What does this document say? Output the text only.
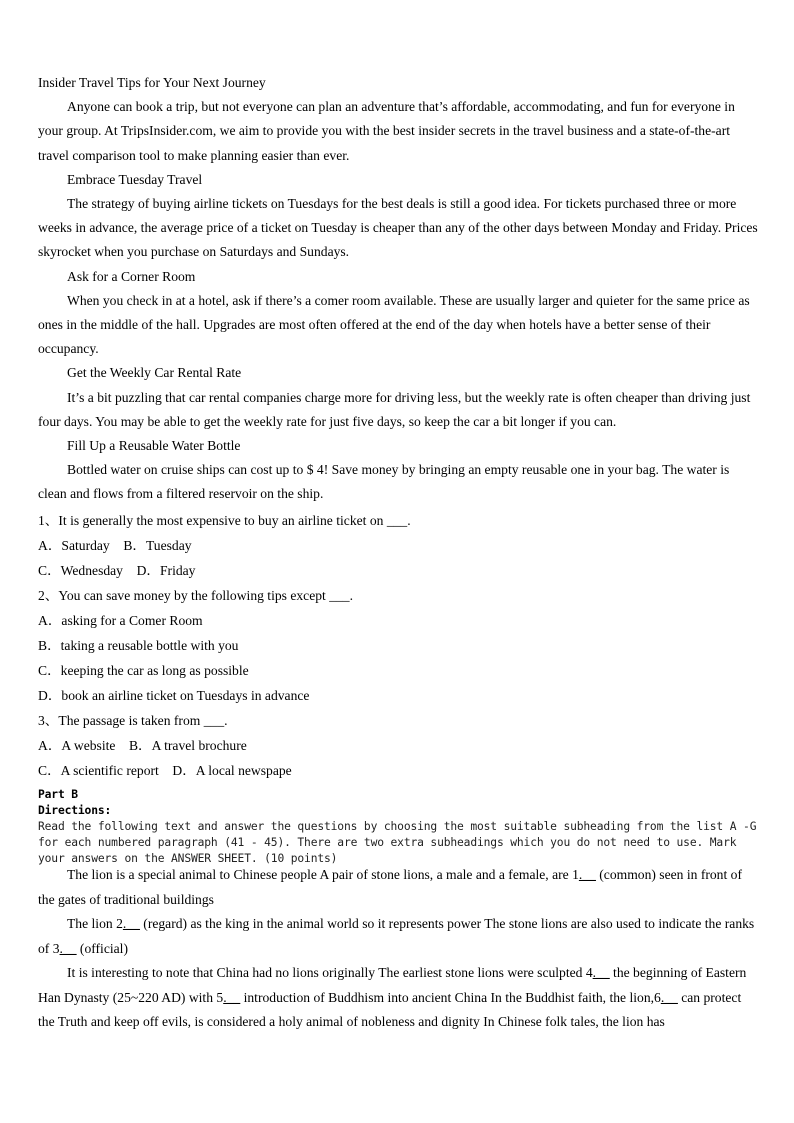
Insider Travel Tips for Your Next Journey
Anyone can book a trip, but not everyone can plan an adventure that’s affordable, accommodating, and fun for everyone in your group. At TripsInsider.com, we aim to provide you with the best insider secrets in the travel business and a state-of-the-art travel comparison tool to make planning easier than ever.
Embrace Tuesday Travel
The strategy of buying airline tickets on Tuesdays for the best deals is still a good idea. For tickets purchased three or more weeks in advance, the average price of a ticket on Tuesday is cheaper than any of the other days between Monday and Friday. Prices skyrocket when you purchase on Saturdays and Sundays.
Ask for a Corner Room
When you check in at a hotel, ask if there’s a comer room available. These are usually larger and quieter for the same price as ones in the middle of the hall. Upgrades are most often offered at the end of the day when hotels have a better sense of their occupancy.
Get the Weekly Car Rental Rate
It’s a bit puzzling that car rental companies charge more for driving less, but the weekly rate is often cheaper than driving just four days. You may be able to get the weekly rate for just five days, so keep the car a bit longer if you can.
Fill Up a Reusable Water Bottle
Bottled water on cruise ships can cost up to $ 4! Save money by bringing an empty reusable one in your bag. The water is clean and flows from a filtered reservoir on the ship.
1、It is generally the most expensive to buy an airline ticket on ___.
A．Saturday　B．Tuesday
C．Wednesday　D．Friday
2、You can save money by the following tips except ___.
A．asking for a Comer Room
B．taking a reusable bottle with you
C．keeping the car as long as possible
D．book an airline ticket on Tuesdays in advance
3、The passage is taken from ___.
A．A website　B．A travel brochure
C．A scientific report　D．A local newspape
Part B
Directions:
Read the following text and answer the questions by choosing the most suitable subheading from the list A -G for each numbered paragraph (41 - 45). There are two extra subheadings which you do not need to use. Mark your answers on the ANSWER SHEET. (10 points)
The lion is a special animal to Chinese people A pair of stone lions, a male and a female, are 1.__ (common) seen in front of the gates of traditional buildings
The lion 2.__ (regard) as the king in the animal world so it represents power The stone lions are also used to indicate the ranks of 3.__ (official)
It is interesting to note that China had no lions originally The earliest stone lions were sculpted 4.__ the beginning of Eastern Han Dynasty (25~220 AD) with 5.__ introduction of Buddhism into ancient China In the Buddhist faith, the lion,6.__ can protect the Truth and keep off evils, is considered a holy animal of nobleness and dignity In Chinese folk tales, the lion has
